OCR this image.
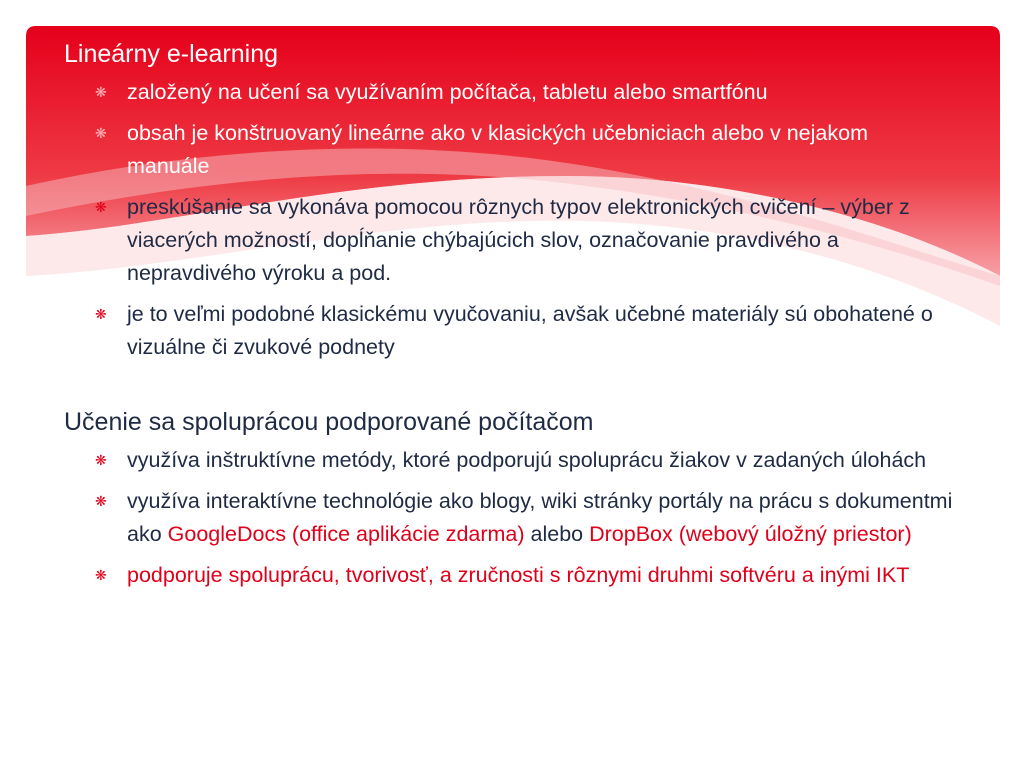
Lineárny e-learning
❋ založený na učení sa využívaním počítača, tabletu alebo smartfónu
❋ obsah je konštruovaný lineárne ako v klasických učebniciach alebo v nejakom manuále
❋ preskúšanie sa vykonáva pomocou rôznych typov elektronických cvičení – výber z viacerých možností, dopĺňanie chýbajúcich slov, označovanie pravdivého a nepravdivého výroku a pod.
❋ je to veľmi podobné klasickému vyučovaniu, avšak učebné materiály sú obohatené o vizuálne či zvukové podnety
Učenie sa spoluprácou podporované počítačom
❋ využíva inštruktívne metódy, ktoré podporujú spoluprácu žiakov v zadaných úlohách
❋ využíva interaktívne technológie ako blogy, wiki stránky portály na prácu s dokumentmi ako GoogleDocs (office aplikácie zdarma) alebo DropBox (webový úložný priestor)
❋ podporuje spoluprácu, tvorivosť, a zručnosti s rôznymi druhmi softvéru a inými IKT
